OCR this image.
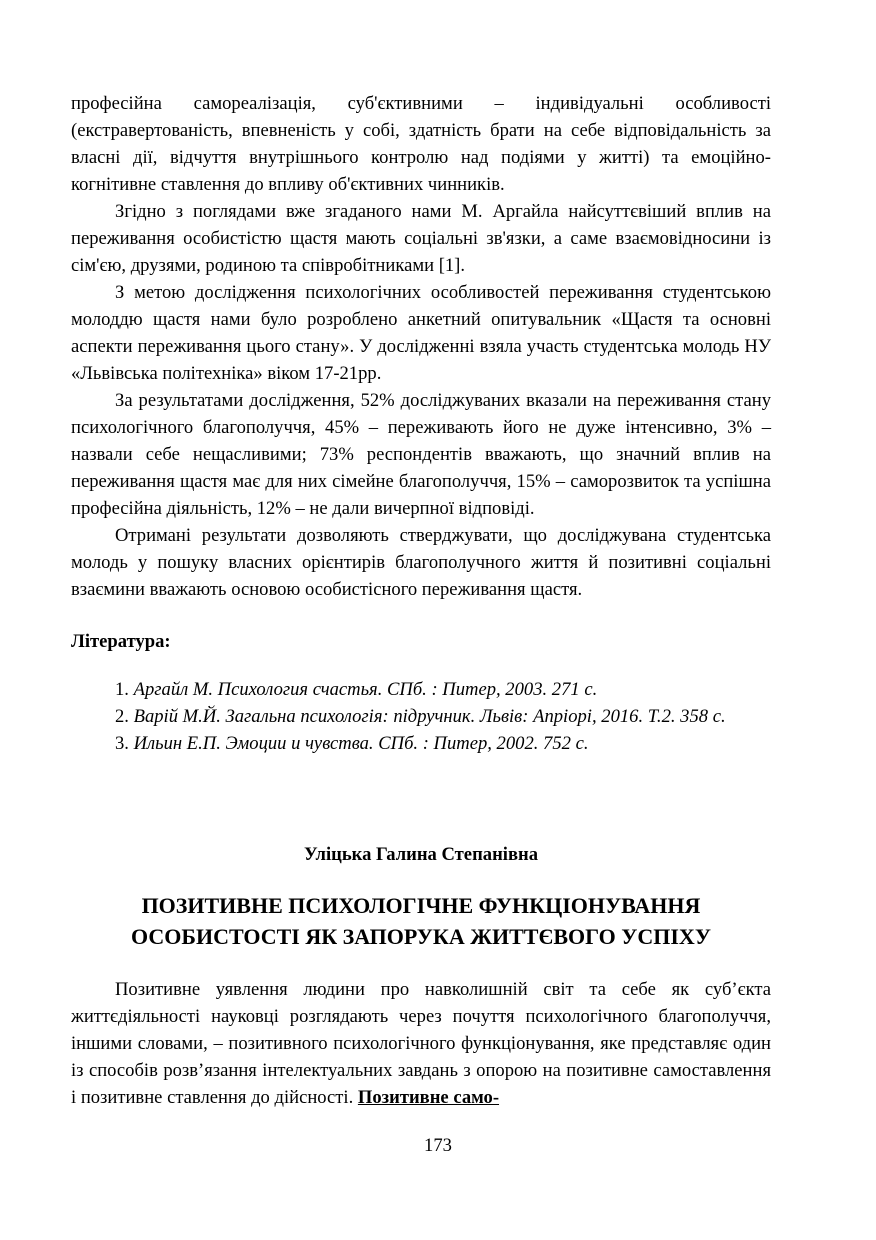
професійна самореалізація, суб'єктивними – індивідуальні особливості (екстравертованість, впевненість у собі, здатність брати на себе відповідальність за власні дії, відчуття внутрішнього контролю над подіями у житті) та емоційно-когнітивне ставлення до впливу об'єктивних чинників.

Згідно з поглядами вже згаданого нами М. Аргайла найсуттєвіший вплив на переживання особистістю щастя мають соціальні зв'язки, а саме взаємовідносини із сім'єю, друзями, родиною та співробітниками [1].

З метою дослідження психологічних особливостей переживання студентською молоддю щастя нами було розроблено анкетний опитувальник «Щастя та основні аспекти переживання цього стану». У дослідженні взяла участь студентська молодь НУ «Львівська політехніка» віком 17-21рр.

За результатами дослідження, 52% досліджуваних вказали на переживання стану психологічного благополуччя, 45% – переживають його не дуже інтенсивно, 3% – назвали себе нещасливими; 73% респондентів вважають, що значний вплив на переживання щастя має для них сімейне благополуччя, 15% – саморозвиток та успішна професійна діяльність, 12% – не дали вичерпної відповіді.

Отримані результати дозволяють стверджувати, що досліджувана студентська молодь у пошуку власних орієнтирів благополучного життя й позитивні соціальні взаємини вважають основою особистісного переживання щастя.

Література:

1. Аргайл М. Психология счастья. СПб. : Питер, 2003. 271 с.

2. Варій М.Й. Загальна психологія: підручник. Львів: Апріорі, 2016. Т.2. 358 с.

3. Ильин Е.П. Эмоции и чувства. СПб. : Питер, 2002. 752 с.

Уліцька Галина Степанівна
ПОЗИТИВНЕ ПСИХОЛОГІЧНЕ ФУНКЦІОНУВАННЯ
ОСОБИСТОСТІ ЯК ЗАПОРУКА ЖИТТЄВОГО УСПІХУ

Позитивне уявлення людини про навколишній світ та себе як суб’єкта життєдіяльності науковці розглядають через почуття психологічного благополуччя, іншими словами, – позитивного психологічного функціонування, яке представляє один із способів розв’язання інтелектуальних завдань з опорою на позитивне самоставлення і позитивне ставлення до дійсності. Позитивне само-

173
